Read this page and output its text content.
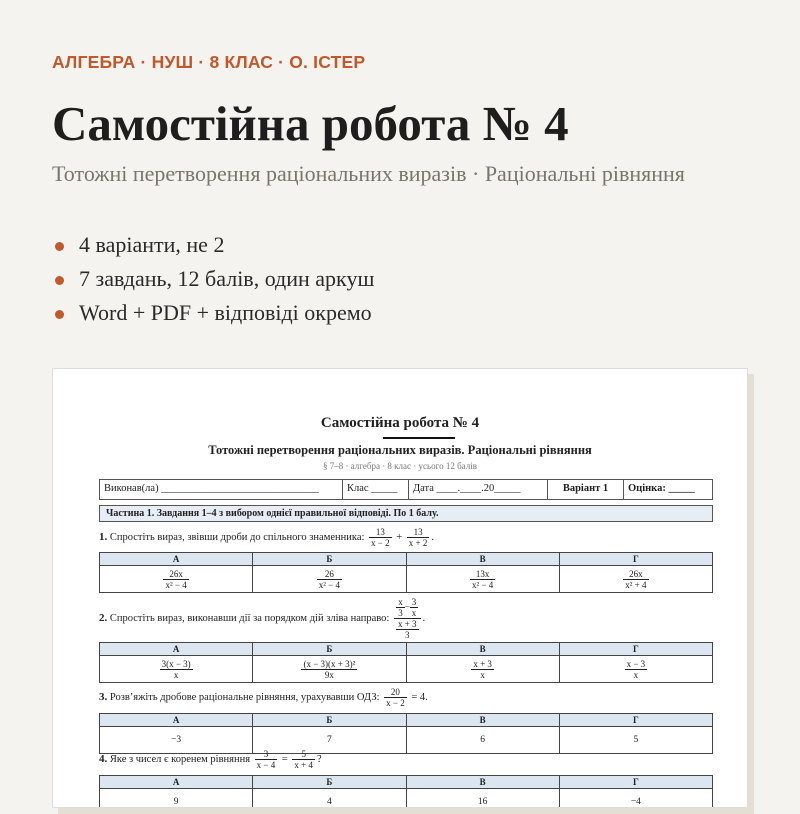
АЛГЕБРА · НУШ · 8 КЛАС · О. ІСТЕР
Самостійна робота № 4
Тотожні перетворення раціональних виразів · Раціональні рівняння
4 варіанти, не 2
7 завдань, 12 балів, один аркуш
Word + PDF + відповіді окремо
Самостійна робота № 4
Тотожні перетворення раціональних виразів. Раціональні рівняння
§ 7–8 · алгебра · 8 клас · усього 12 балів
Виконав(ла) ______________________________	Клас _____	Дата ____.____.20_____	Варіант 1	Оцінка: _____
Частина 1. Завдання 1–4 з вибором однієї правильної відповіді. По 1 балу.
1. Спростіть вираз, звівши дроби до спільного знаменника: $\frac{13}{x - 2} + \frac{13}{x + 2}$ .
А	Б	В	Г

$\frac{26x}{\text{x² − 4}}$	$\frac{26}{\text{x² − 4}}$	$\frac{13x}{\text{x² − 4}}$	$\frac{26x}{\text{x² + 4}}$
2. Спростіть вираз, виконавши дії за порядком дій зліва направо: $\frac{\frac{x}{3} - \frac{3}{x}}{\frac{x + 3}{3}}$ .
А	Б	В	Г

$\frac{3(x - 3)}{x}$	$\frac{\text{(x − 3)(x + 3)²}}{9x}$	$\frac{x + 3}{x}$	$\frac{x - 3}{x}$
3. Розв’яжіть дробове раціональне рівняння, урахувавши ОДЗ: $\frac{20}{x - 2} = 4$.
А	Б	В	Г
−3	7	6	5
4. Яке з чисел є коренем рівняння $\frac{3}{x - 4} = \frac{5}{x + 4}$ ?
А	Б	В	Г
9	4	16	−4
